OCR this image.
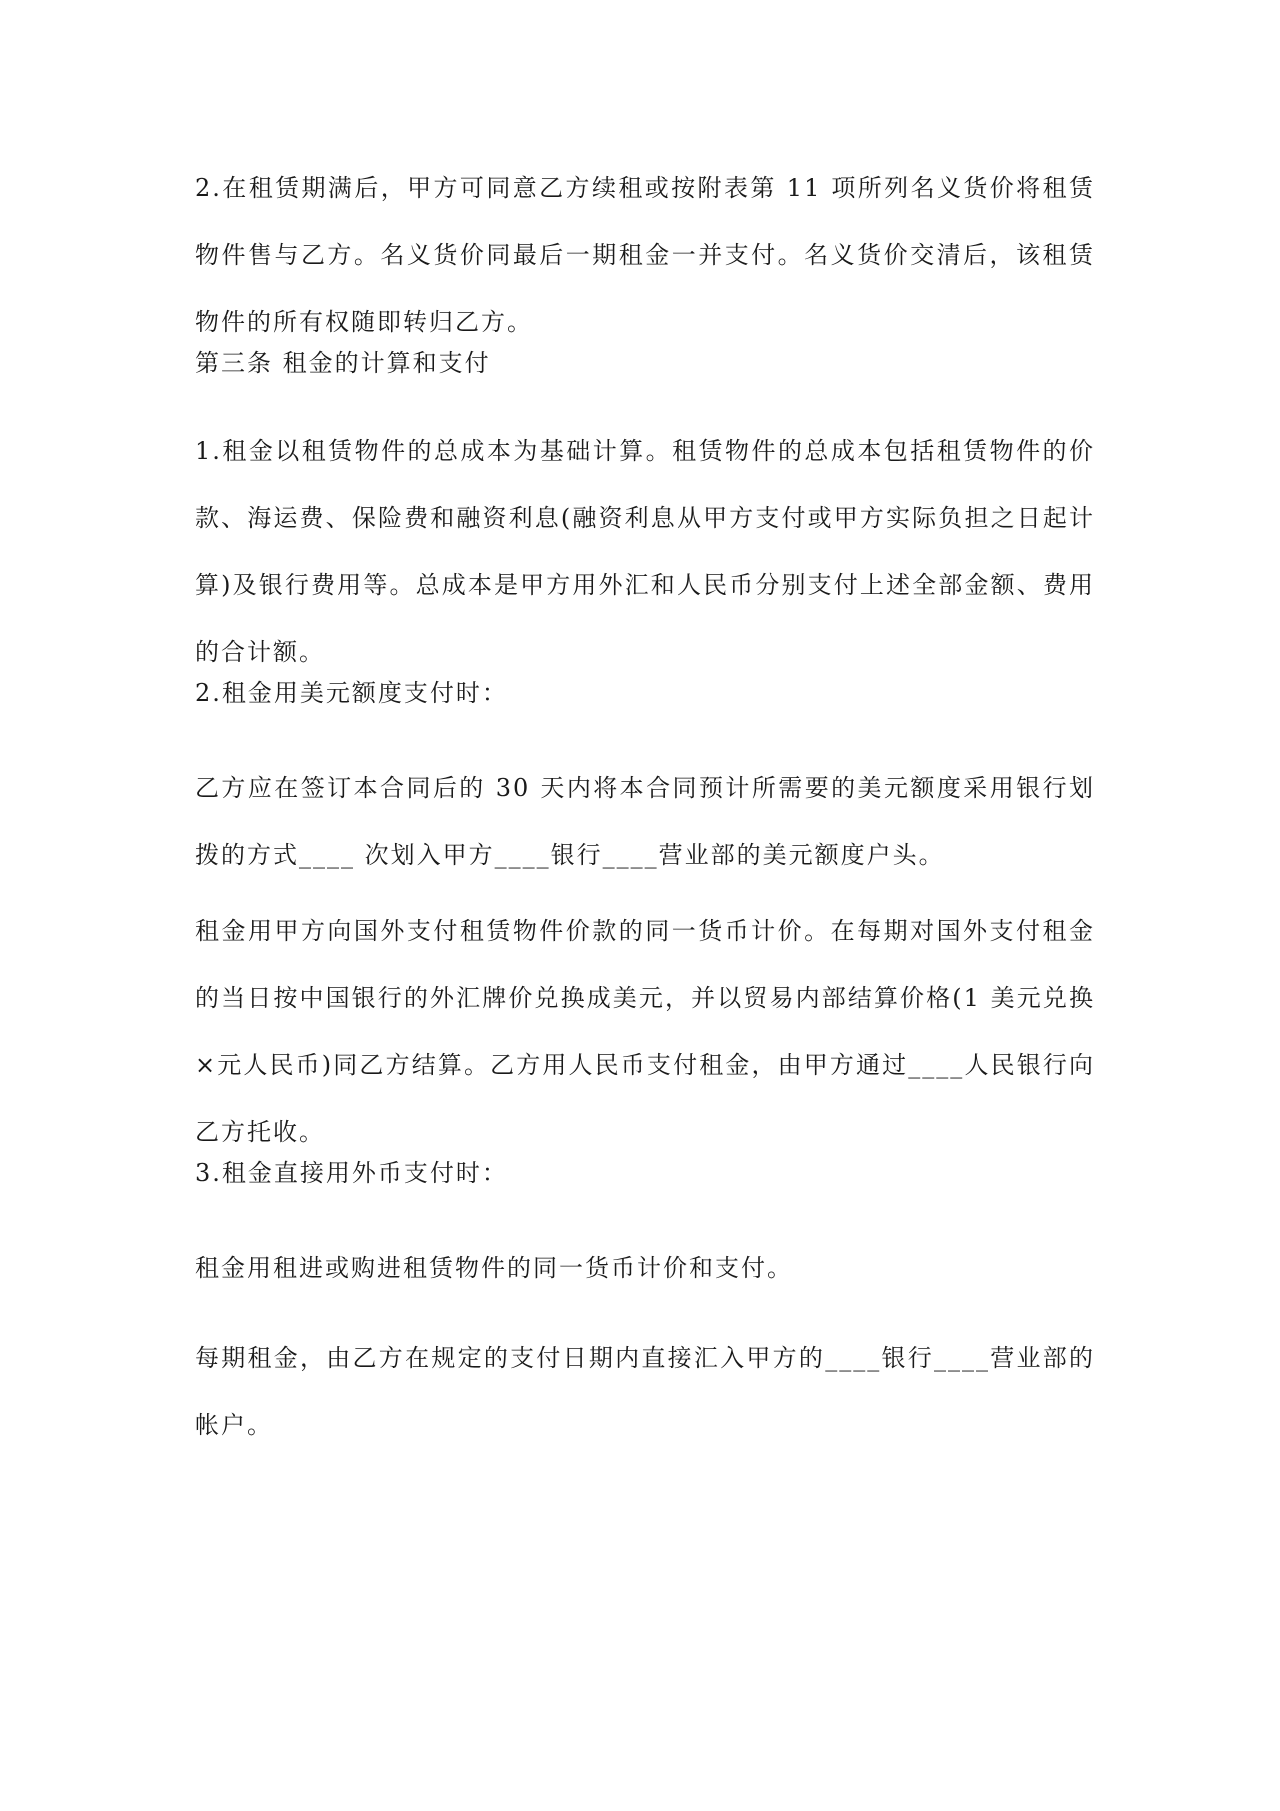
2.在租赁期满后，甲方可同意乙方续租或按附表第 11 项所列名义货价将租赁物件售与乙方。名义货价同最后一期租金一并支付。名义货价交清后，该租赁物件的所有权随即转归乙方。

第三条 租金的计算和支付

1.租金以租赁物件的总成本为基础计算。租赁物件的总成本包括租赁物件的价款、海运费、保险费和融资利息(融资利息从甲方支付或甲方实际负担之日起计算)及银行费用等。总成本是甲方用外汇和人民币分别支付上述全部金额、费用的合计额。

2.租金用美元额度支付时：

乙方应在签订本合同后的 30 天内将本合同预计所需要的美元额度采用银行划拨的方式____ 次划入甲方____银行____营业部的美元额度户头。

租金用甲方向国外支付租赁物件价款的同一货币计价。在每期对国外支付租金的当日按中国银行的外汇牌价兑换成美元，并以贸易内部结算价格(1 美元兑换×元人民币)同乙方结算。乙方用人民币支付租金，由甲方通过____人民银行向乙方托收。

3.租金直接用外币支付时：

租金用租进或购进租赁物件的同一货币计价和支付。

每期租金，由乙方在规定的支付日期内直接汇入甲方的____银行____营业部的帐户。
